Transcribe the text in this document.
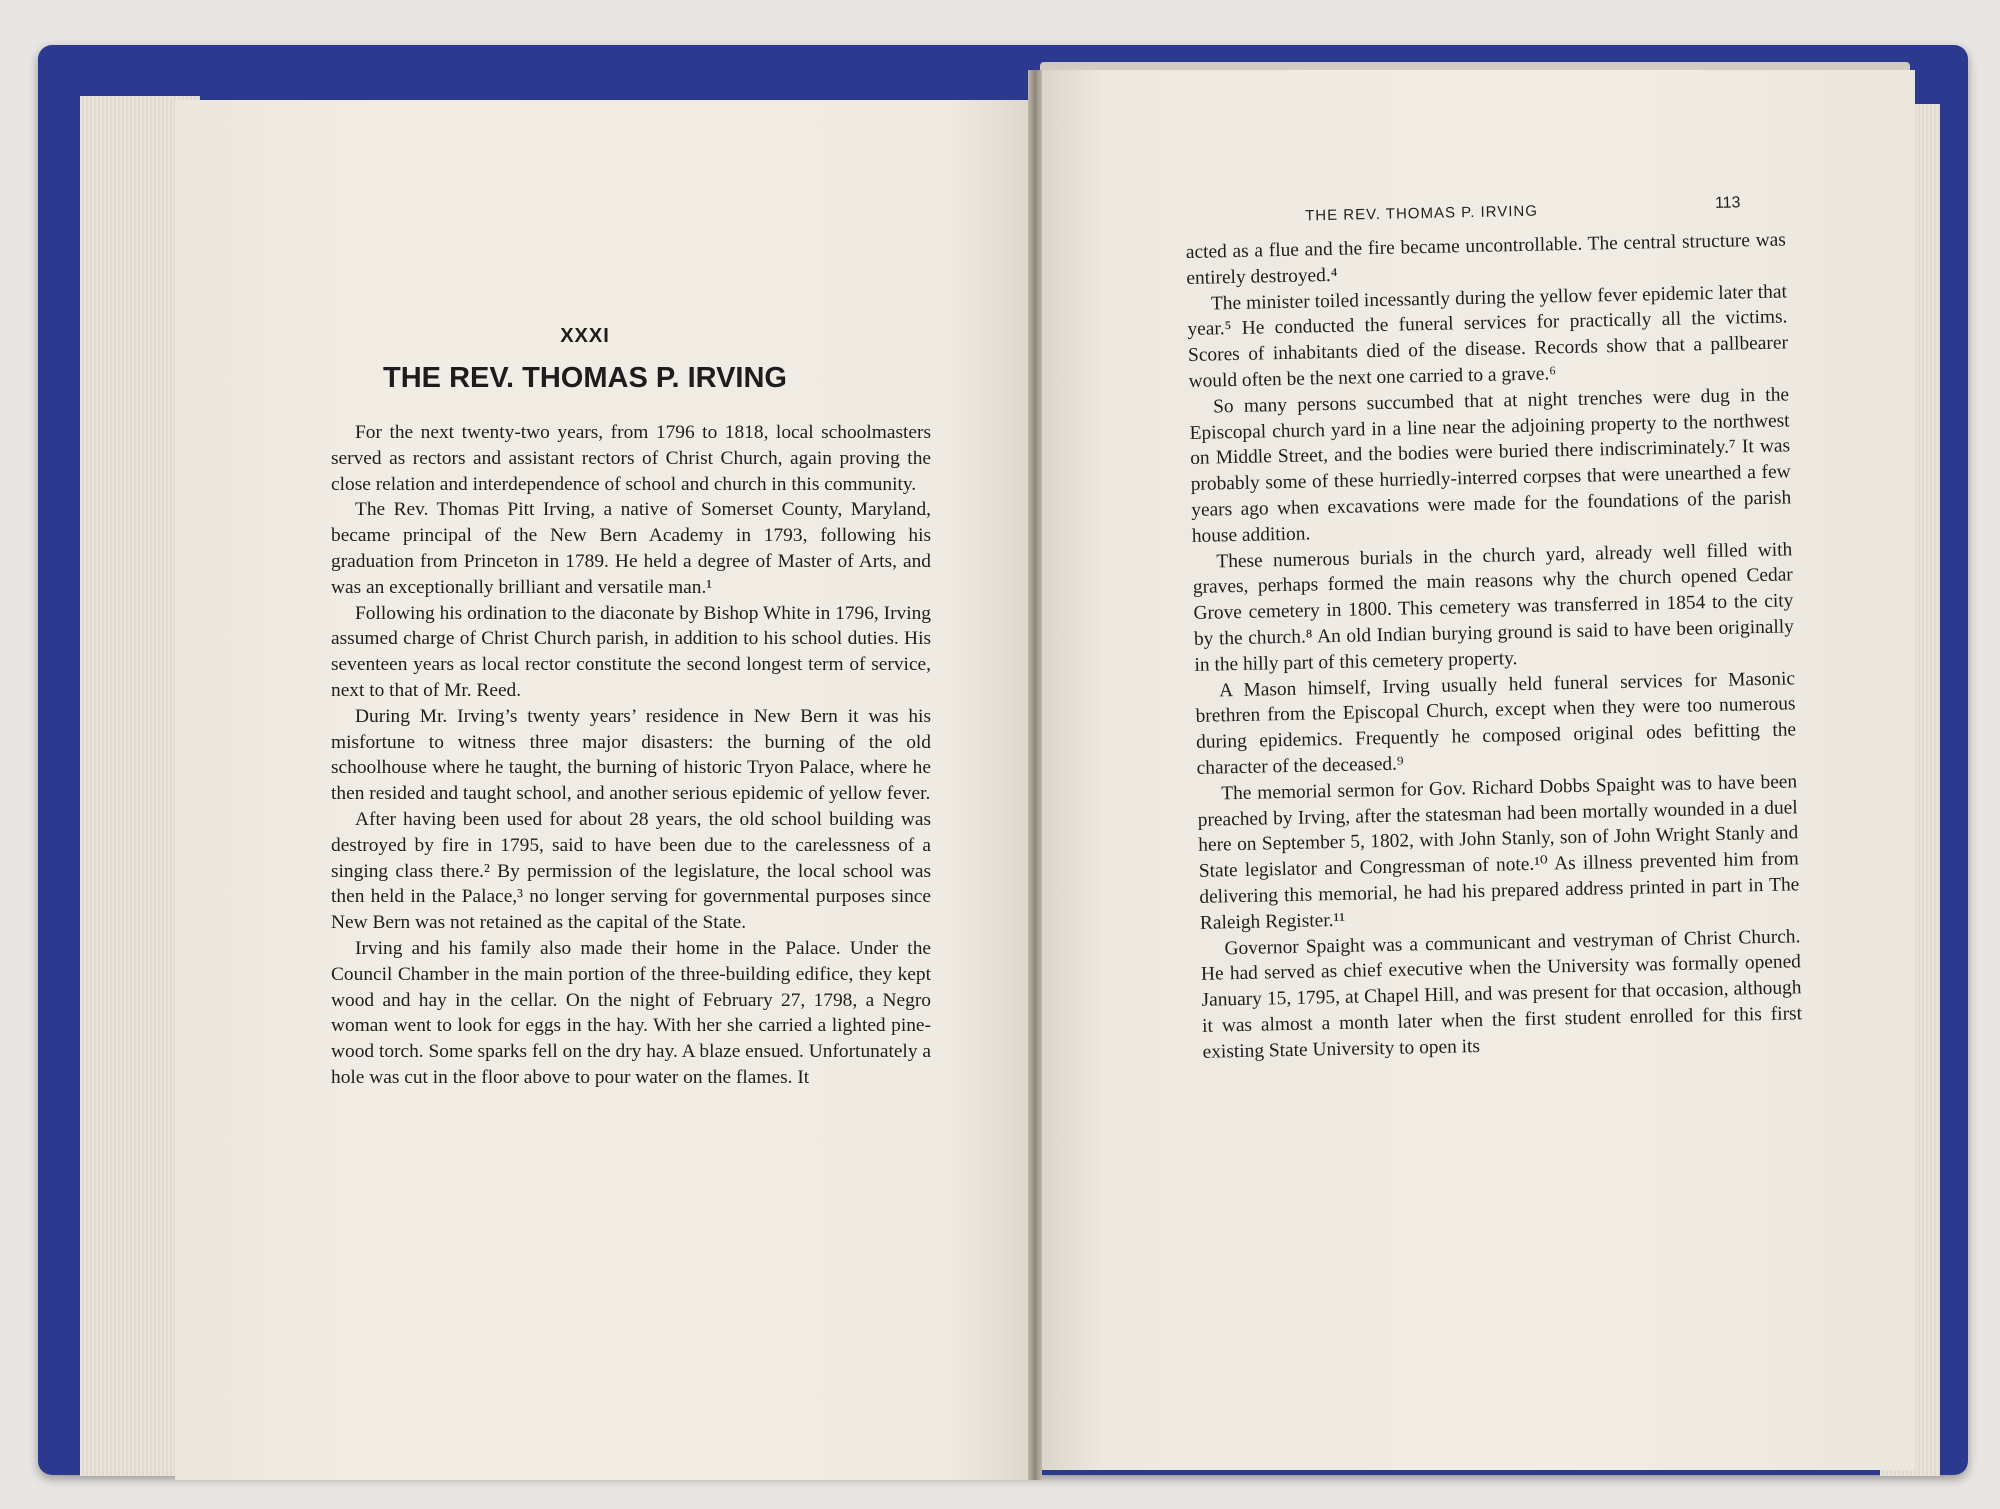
XXXI
THE REV. THOMAS P. IRVING

For the next twenty-two years, from 1796 to 1818, local schoolmasters served as rectors and assistant rectors of Christ Church, again proving the close relation and interdependence of school and church in this community.

The Rev. Thomas Pitt Irving, a native of Somerset County, Maryland, became principal of the New Bern Academy in 1793, following his graduation from Princeton in 1789. He held a degree of Master of Arts, and was an exceptionally brilliant and versatile man.¹

Following his ordination to the diaconate by Bishop White in 1796, Irving assumed charge of Christ Church parish, in addition to his school duties. His seventeen years as local rector constitute the second longest term of service, next to that of Mr. Reed.

During Mr. Irving’s twenty years’ residence in New Bern it was his misfortune to witness three major disasters: the burning of the old schoolhouse where he taught, the burning of historic Tryon Palace, where he then resided and taught school, and another serious epidemic of yellow fever.

After having been used for about 28 years, the old school building was destroyed by fire in 1795, said to have been due to the carelessness of a singing class there.² By permission of the legislature, the local school was then held in the Palace,³ no longer serving for governmental purposes since New Bern was not retained as the capital of the State.

Irving and his family also made their home in the Palace. Under the Council Chamber in the main portion of the three-building edifice, they kept wood and hay in the cellar. On the night of February 27, 1798, a Negro woman went to look for eggs in the hay. With her she carried a lighted pine-wood torch. Some sparks fell on the dry hay. A blaze ensued. Unfortunately a hole was cut in the floor above to pour water on the flames. It

THE REV. THOMAS P. IRVING	113

acted as a flue and the fire became uncontrollable. The central structure was entirely destroyed.⁴

The minister toiled incessantly during the yellow fever epidemic later that year.⁵ He conducted the funeral services for practically all the victims. Scores of inhabitants died of the disease. Records show that a pallbearer would often be the next one carried to a grave.⁶

So many persons succumbed that at night trenches were dug in the Episcopal church yard in a line near the adjoining property to the northwest on Middle Street, and the bodies were buried there indiscriminately.⁷ It was probably some of these hurriedly-interred corpses that were unearthed a few years ago when excavations were made for the foundations of the parish house addition.

These numerous burials in the church yard, already well filled with graves, perhaps formed the main reasons why the church opened Cedar Grove cemetery in 1800. This cemetery was transferred in 1854 to the city by the church.⁸ An old Indian burying ground is said to have been originally in the hilly part of this cemetery property.

A Mason himself, Irving usually held funeral services for Masonic brethren from the Episcopal Church, except when they were too numerous during epidemics. Frequently he composed original odes befitting the character of the deceased.⁹

The memorial sermon for Gov. Richard Dobbs Spaight was to have been preached by Irving, after the statesman had been mortally wounded in a duel here on September 5, 1802, with John Stanly, son of John Wright Stanly and State legislator and Congressman of note.¹⁰ As illness prevented him from delivering this memorial, he had his prepared address printed in part in The Raleigh Register.¹¹

Governor Spaight was a communicant and vestryman of Christ Church. He had served as chief executive when the University was formally opened January 15, 1795, at Chapel Hill, and was present for that occasion, although it was almost a month later when the first student enrolled for this first existing State University to open its
